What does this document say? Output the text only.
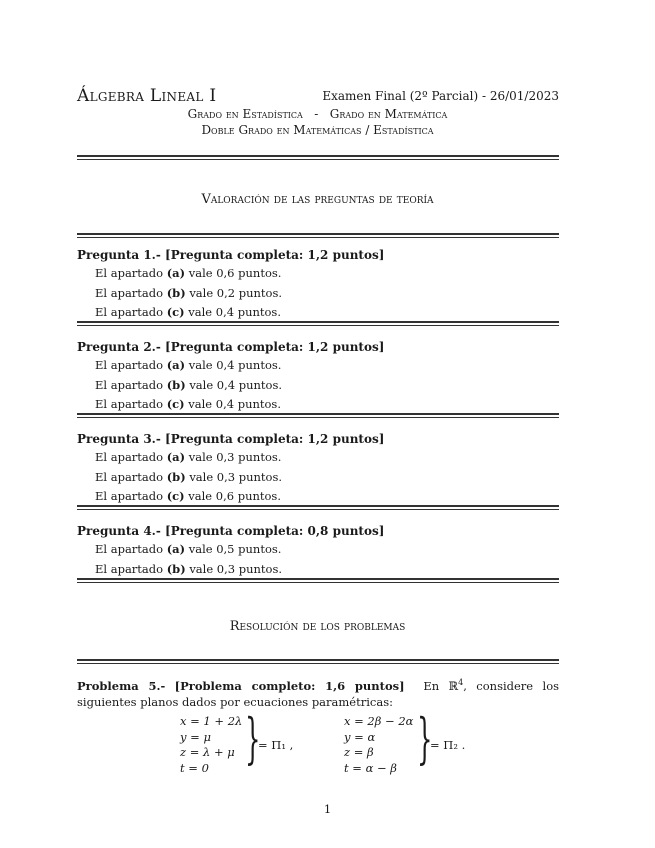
Álgebra Lineal I	Examen Final (2º Parcial) - 26/01/2023
Grado en Estadística   -   Grado en Matemática
Doble Grado en Matemáticas / Estadística
Valoración de las preguntas de teoría
Pregunta 1.- [Pregunta completa: 1,2 puntos]
El apartado (a) vale 0,6 puntos.
El apartado (b) vale 0,2 puntos.
El apartado (c) vale 0,4 puntos.
Pregunta 2.- [Pregunta completa: 1,2 puntos]
El apartado (a) vale 0,4 puntos.
El apartado (b) vale 0,4 puntos.
El apartado (c) vale 0,4 puntos.
Pregunta 3.- [Pregunta completa: 1,2 puntos]
El apartado (a) vale 0,3 puntos.
El apartado (b) vale 0,3 puntos.
El apartado (c) vale 0,6 puntos.
Pregunta 4.- [Pregunta completa: 0,8 puntos]
El apartado (a) vale 0,5 puntos.
El apartado (b) vale 0,3 puntos.
Resolución de los problemas
Problema 5.- [Problema completo: 1,6 puntos] En ℝ$^4$, considere los siguientes planos dados por ecuaciones paramétricas:
x = 1 + 2λ
y = μ
z = λ + μ
t = 0 }
= Π₁ ,
x = 2β − 2α
y = α
z = β
t = α − β }
= Π₂ .
1
